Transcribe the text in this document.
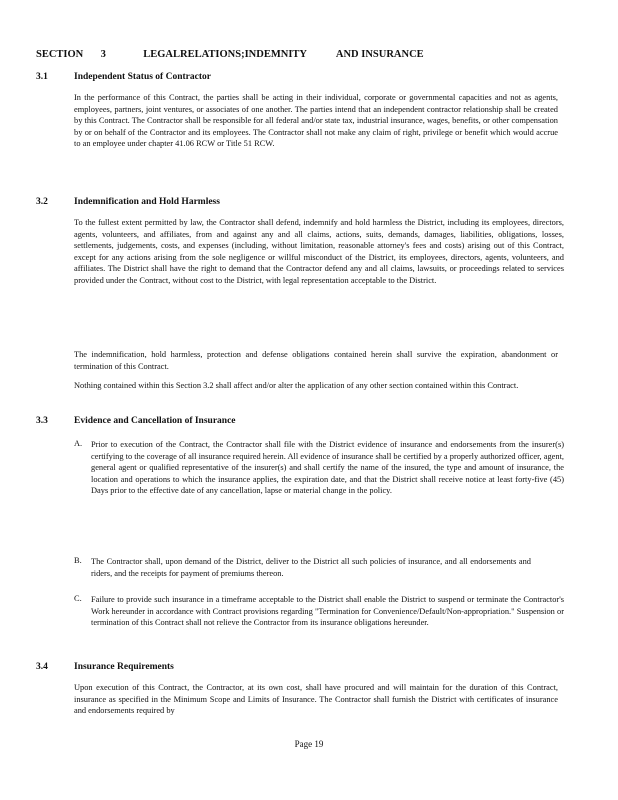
SECTION 3	LEGALRELATIONS;INDEMNITY	AND INSURANCE
3.1	Independent Status of Contractor

In the performance of this Contract, the parties shall be acting in their individual, corporate or governmental capacities and not as agents, employees, partners, joint ventures, or associates of one another. The parties intend that an independent contractor relationship shall be created by this Contract. The Contractor shall be responsible for all federal and/or state tax, industrial insurance, wages, benefits, or other compensation by or on behalf of the Contractor and its employees. The Contractor shall not make any claim of right, privilege or benefit which would accrue to an employee under chapter 41.06 RCW or Title 51 RCW.

3.2	Indemnification and Hold Harmless

To the fullest extent permitted by law, the Contractor shall defend, indemnify and hold harmless the District, including its employees, directors, agents, volunteers, and affiliates, from and against any and all claims, actions, suits, demands, damages, liabilities, obligations, losses, settlements, judgements, costs, and expenses (including, without limitation, reasonable attorney's fees and costs) arising out of this Contract, except for any actions arising from the sole negligence or willful misconduct of the District, its employees, directors, agents, volunteers, and affiliates. The District shall have the right to demand that the Contractor defend any and all claims, lawsuits, or proceedings related to services provided under the Contract, without cost to the District, with legal representation acceptable to the District.

The indemnification, hold harmless, protection and defense obligations contained herein shall survive the expiration, abandonment or termination of this Contract.

Nothing contained within this Section 3.2 shall affect and/or alter the application of any other section contained within this Contract.

3.3	Evidence and Cancellation of Insurance
A. Prior to execution of the Contract, the Contractor shall file with the District evidence of insurance and endorsements from the insurer(s) certifying to the coverage of all insurance required herein. All evidence of insurance shall be certified by a properly authorized officer, agent, general agent or qualified representative of the insurer(s) and shall certify the name of the insured, the type and amount of insurance, the location and operations to which the insurance applies, the expiration date, and that the District shall receive notice at least forty-five (45) Days prior to the effective date of any cancellation, lapse or material change in the policy.

B. The Contractor shall, upon demand of the District, deliver to the District all such policies of insurance, and all endorsements and riders, and the receipts for payment of premiums thereon.

C. Failure to provide such insurance in a timeframe acceptable to the District shall enable the District to suspend or terminate the Contractor's Work hereunder in accordance with Contract provisions regarding "Termination for Convenience/Default/Non-appropriation." Suspension or termination of this Contract shall not relieve the Contractor from its insurance obligations hereunder.

3.4	Insurance Requirements

Upon execution of this Contract, the Contractor, at its own cost, shall have procured and will maintain for the duration of this Contract, insurance as specified in the Minimum Scope and Limits of Insurance. The Contractor shall furnish the District with certificates of insurance and endorsements required by

Page 19
